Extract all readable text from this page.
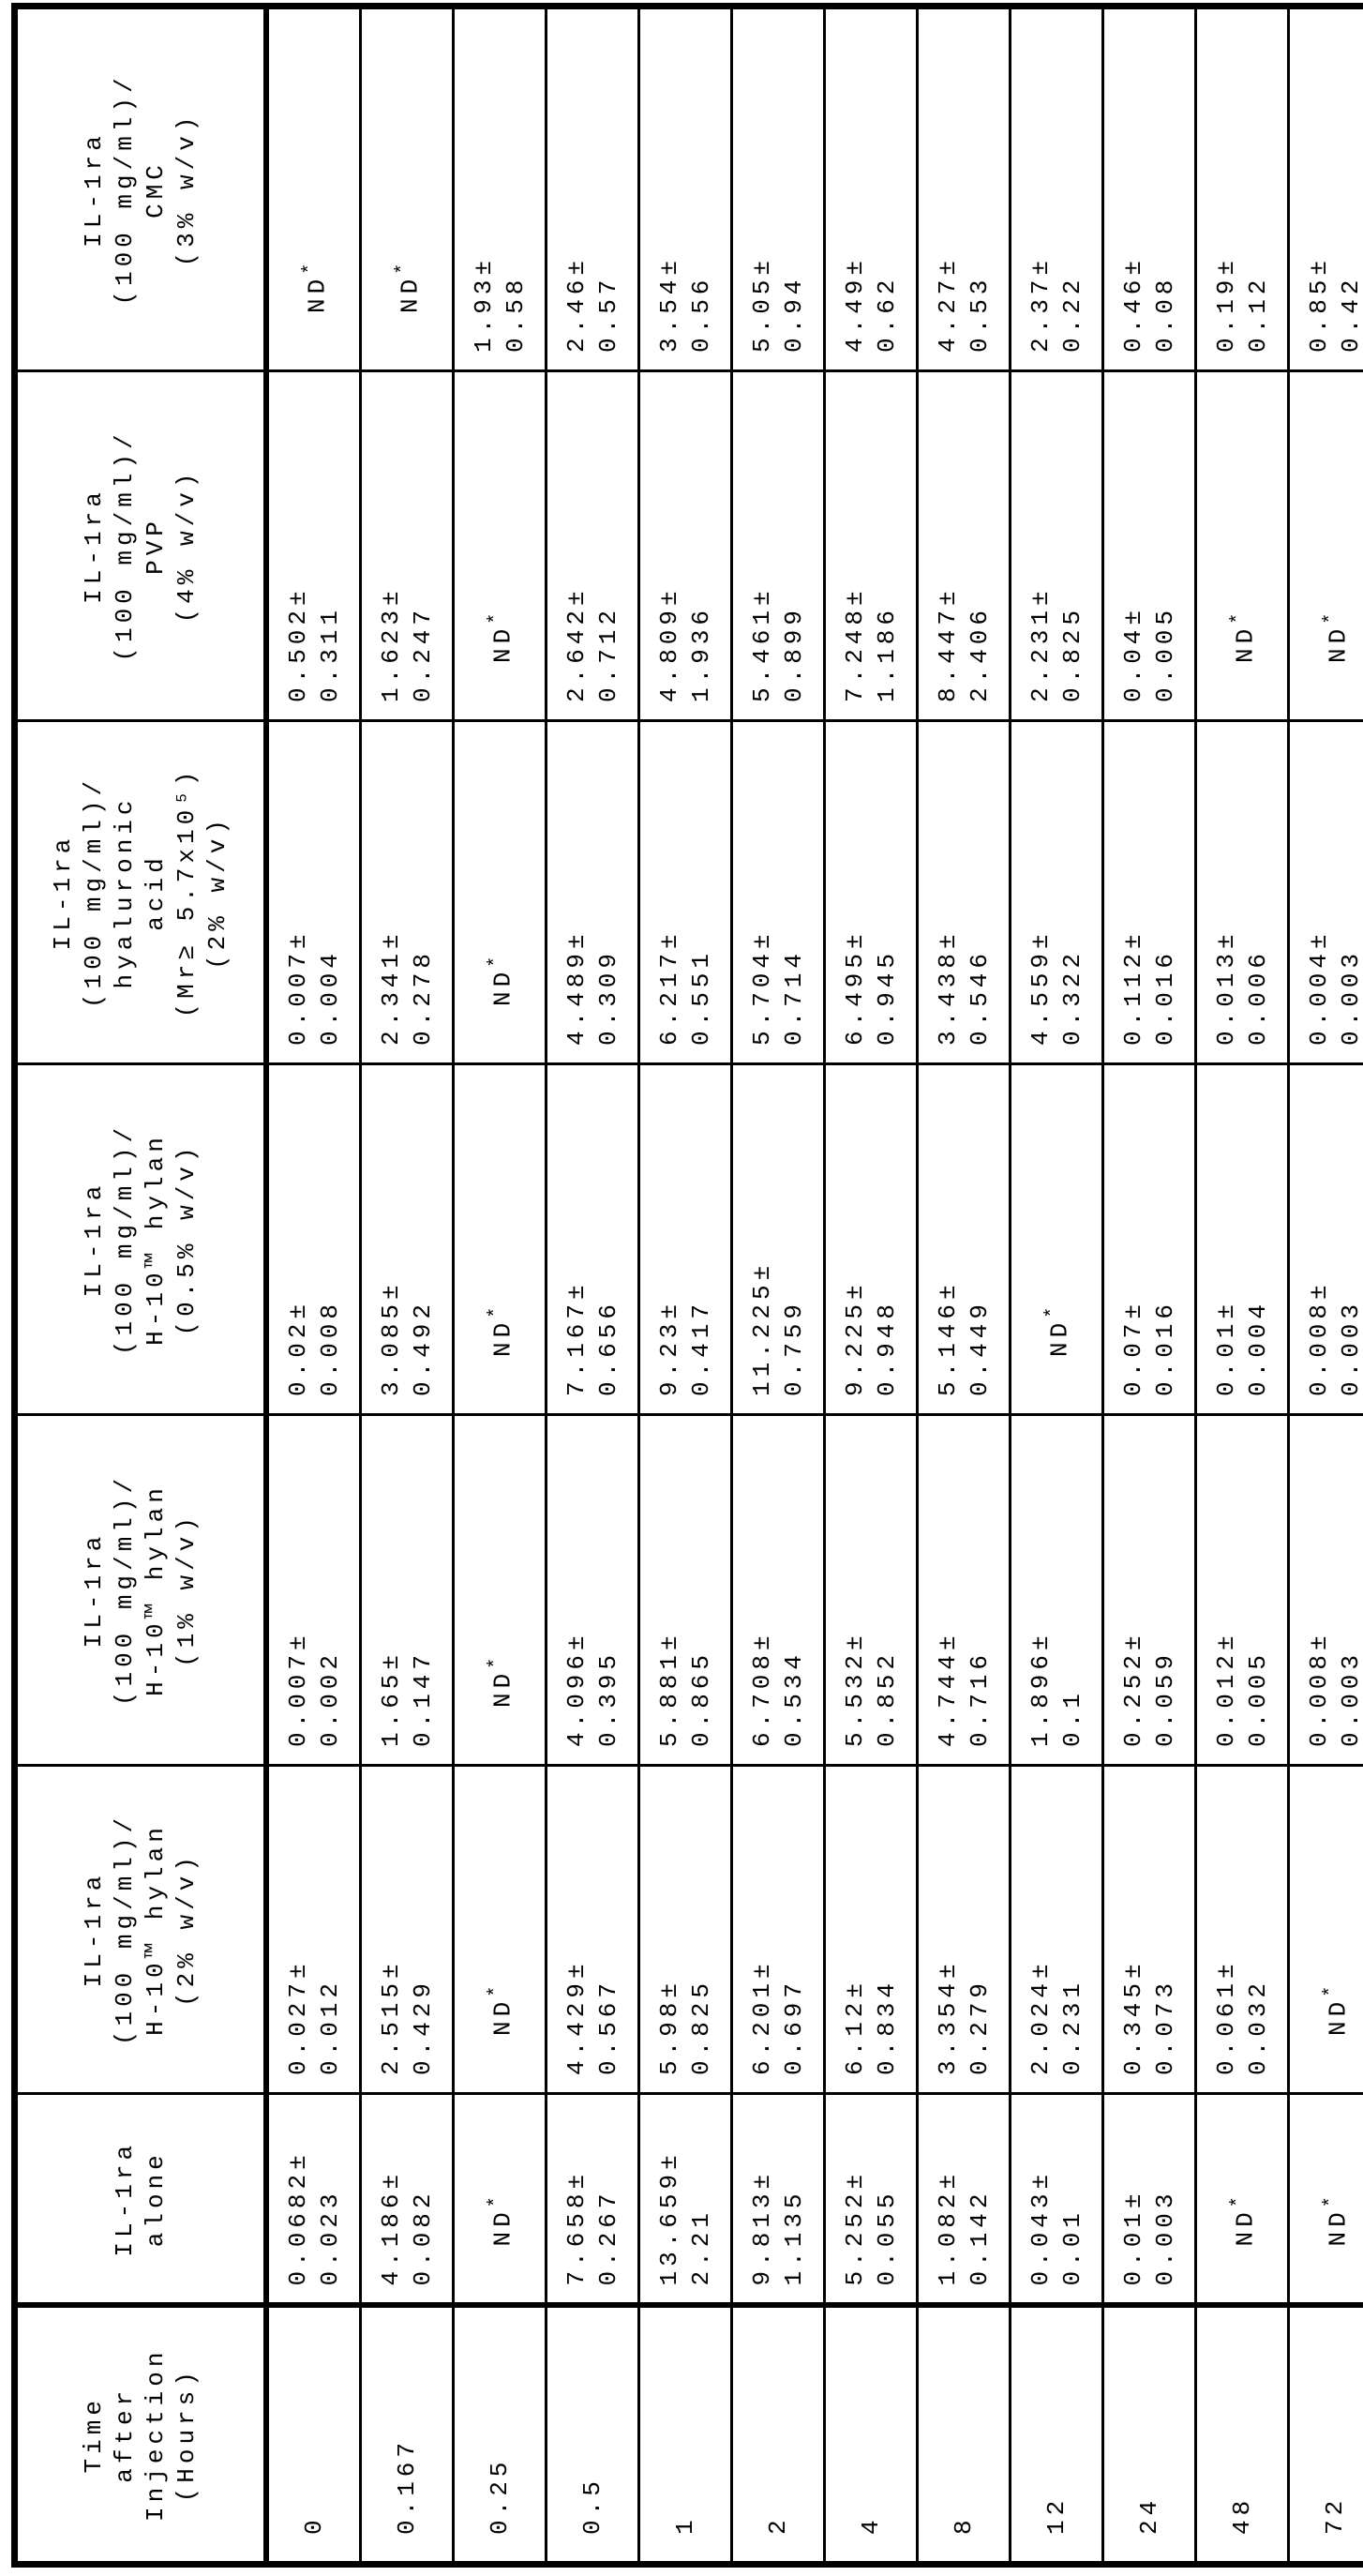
Time after Injection (Hours)

IL-1ra alone

IL-1ra (100 mg/ml)/ H-10™ hylan (2% w/v)

IL-1ra (100 mg/ml)/ H-10™ hylan (1% w/v)

IL-1ra (100 mg/ml)/ H-10™ hylan (0.5% w/v)

IL-1ra (100 mg/ml)/ hyaluronic acid (Mr≥ 5.7x10⁵) (2% w/v)

IL-1ra (100 mg/ml)/ PVP (4% w/v)

IL-1ra (100 mg/ml)/ CMC (3% w/v)

0	
0.0682± 0.023

0.027± 0.012

0.007± 0.002

0.02± 0.008

0.007± 0.004

0.502± 0.311
	ND*
0.167	
4.186± 0.082

2.515± 0.429

1.65± 0.147

3.085± 0.492

2.341± 0.278

1.623± 0.247
	ND*
0.25	ND*	ND*	ND*	ND*	ND*	ND*	
1.93± 0.58

0.5	
7.658± 0.267

4.429± 0.567

4.096± 0.395

7.167± 0.656

4.489± 0.309

2.642± 0.712

2.46± 0.57

1	
13.659± 2.21

5.98± 0.825

5.881± 0.865

9.23± 0.417

6.217± 0.551

4.809± 1.936

3.54± 0.56

2	
9.813± 1.135

6.201± 0.697

6.708± 0.534

11.225± 0.759

5.704± 0.714

5.461± 0.899

5.05± 0.94

4	
5.252± 0.055

6.12± 0.834

5.532± 0.852

9.225± 0.948

6.495± 0.945

7.248± 1.186

4.49± 0.62

8	
1.082± 0.142

3.354± 0.279

4.744± 0.716

5.146± 0.449

3.438± 0.546

8.447± 2.406

4.27± 0.53

12	
0.043± 0.01

2.024± 0.231

1.896± 0.1
	ND*	
4.559± 0.322

2.231± 0.825

2.37± 0.22

24	
0.01± 0.003

0.345± 0.073

0.252± 0.059

0.07± 0.016

0.112± 0.016

0.04± 0.005

0.46± 0.08

48	ND*	
0.061± 0.032

0.012± 0.005

0.01± 0.004

0.013± 0.006
	ND*	
0.19± 0.12

72	ND*	ND*	
0.008± 0.003

0.008± 0.003

0.004± 0.003
	ND*	
0.85± 0.42
